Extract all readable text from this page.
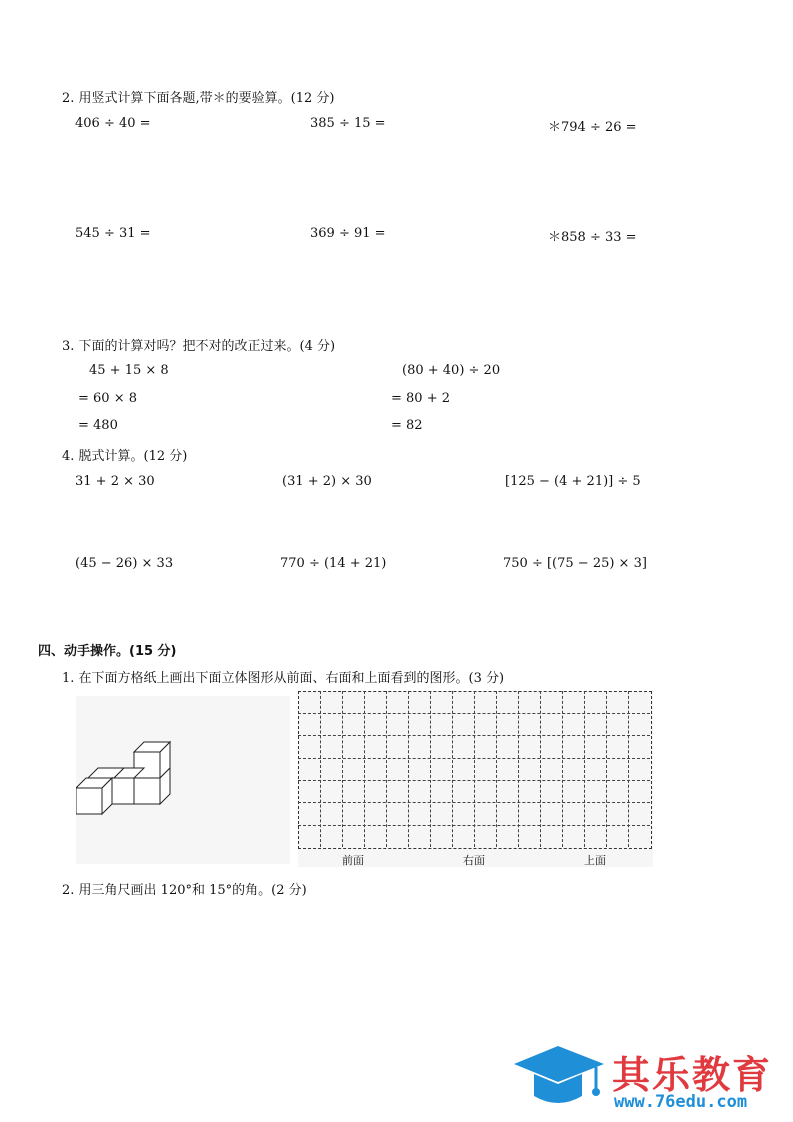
2. 用竖式计算下面各题,带＊的要验算。(12 分)
406 ÷ 40 =	385 ÷ 15 =	＊794 ÷ 26 =
545 ÷ 31 =	369 ÷ 91 =	＊858 ÷ 33 =
3. 下面的计算对吗？把不对的改正过来。(4 分)
45 + 15 × 8
= 60 × 8
= 480
(80 + 40) ÷ 20
= 80 + 2
= 82
4. 脱式计算。(12 分)
31 + 2 × 30	(31 + 2) × 30	[125 − (4 + 21)] ÷ 5
(45 − 26) × 33	770 ÷ (14 + 21)	750 ÷ [(75 − 25) × 3]
四、动手操作。(15 分)
1. 在下面方格纸上画出下面立体图形从前面、右面和上面看到的图形。(3 分)
前面	右面	上面
2. 用三角尺画出 120°和 15°的角。(2 分)
其乐教育
www.76edu.com
